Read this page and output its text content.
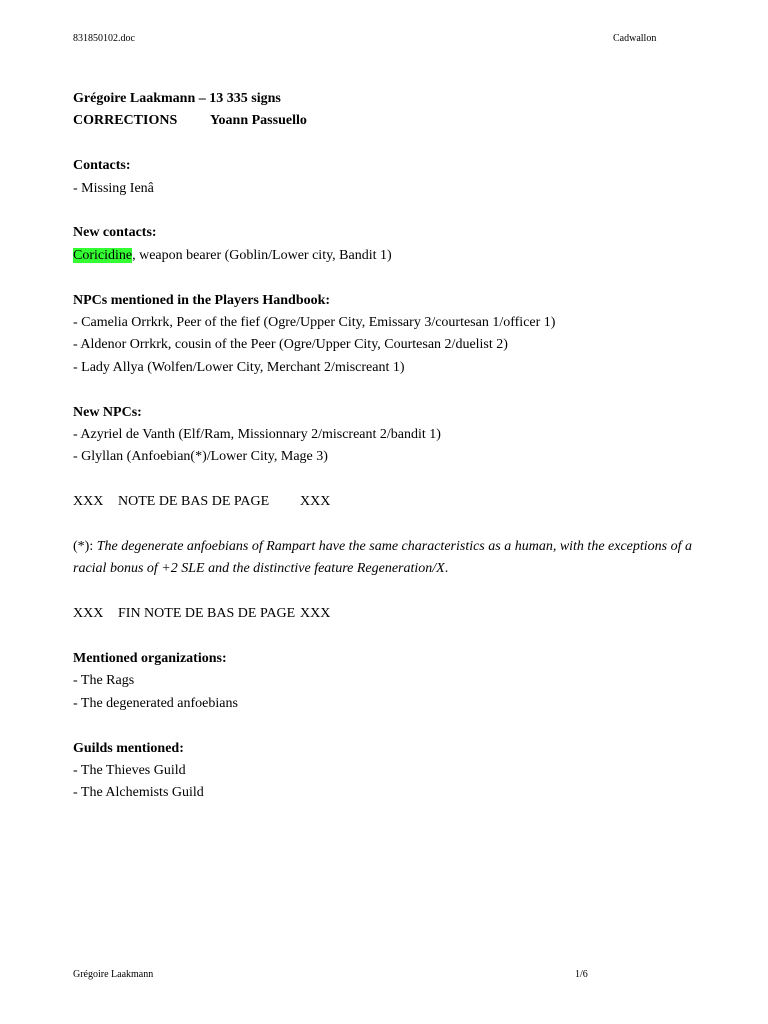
831850102.doc	Cadwallon
Grégoire Laakmann – 13 335 signs
CORRECTIONS Yoann Passuello
Contacts:
- Missing Ienâ
New contacts:
Coricidine, weapon bearer (Goblin/Lower city, Bandit 1)
NPCs mentioned in the Players Handbook:
- Camelia Orrkrk, Peer of the fief (Ogre/Upper City, Emissary 3/courtesan 1/officer 1)
- Aldenor Orrkrk, cousin of the Peer (Ogre/Upper City, Courtesan 2/duelist 2)
- Lady Allya (Wolfen/Lower City, Merchant 2/miscreant 1)
New NPCs:
- Azyriel de Vanth (Elf/Ram, Missionnary 2/miscreant 2/bandit 1)
- Glyllan (Anfoebian(*)/Lower City, Mage 3)
XXX NOTE DE BAS DE PAGE XXX
(*): The degenerate anfoebians of Rampart have the same characteristics as a human, with the exceptions of a racial bonus of +2 SLE and the distinctive feature Regeneration/X.
XXX FIN NOTE DE BAS DE PAGE XXX
Mentioned organizations:
- The Rags
- The degenerated anfoebians
Guilds mentioned:
- The Thieves Guild
- The Alchemists Guild
Grégoire Laakmann	1/6
